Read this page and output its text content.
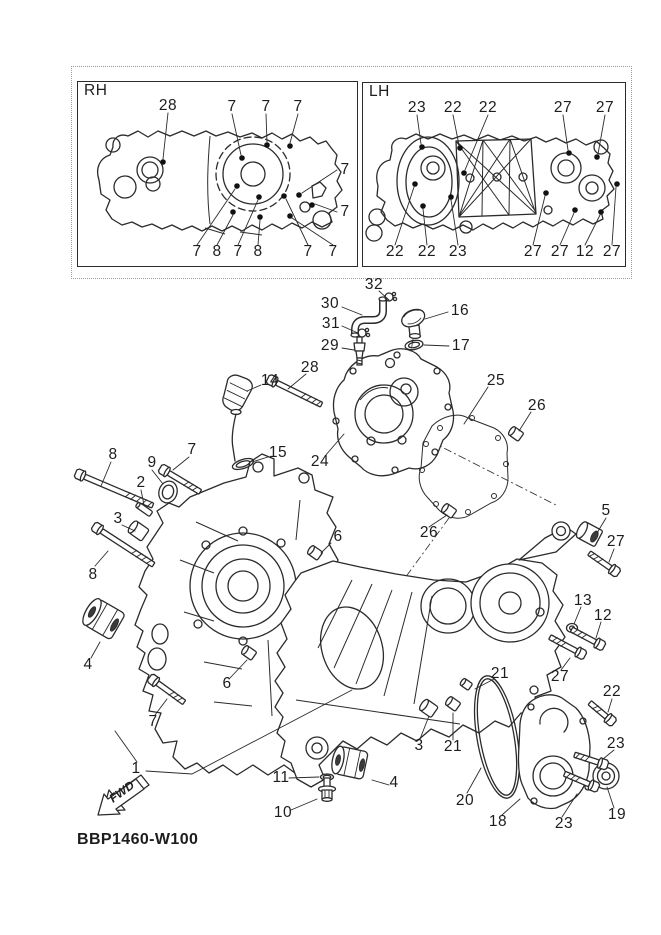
FWD
RH	LH
28	7 7 7
7
7
7 8 7 8	7 7
23 22 22	27 27
22 22 23	27 27 12 27
32
30
31
29
16
17
28
14	25
26
24
15
8 9
7
2
3
8
6	26
5
27
13
12
4
6
7
1
11
10
4
3 21
21	27
22
23
20
18	23
19
BBP1460-W100
